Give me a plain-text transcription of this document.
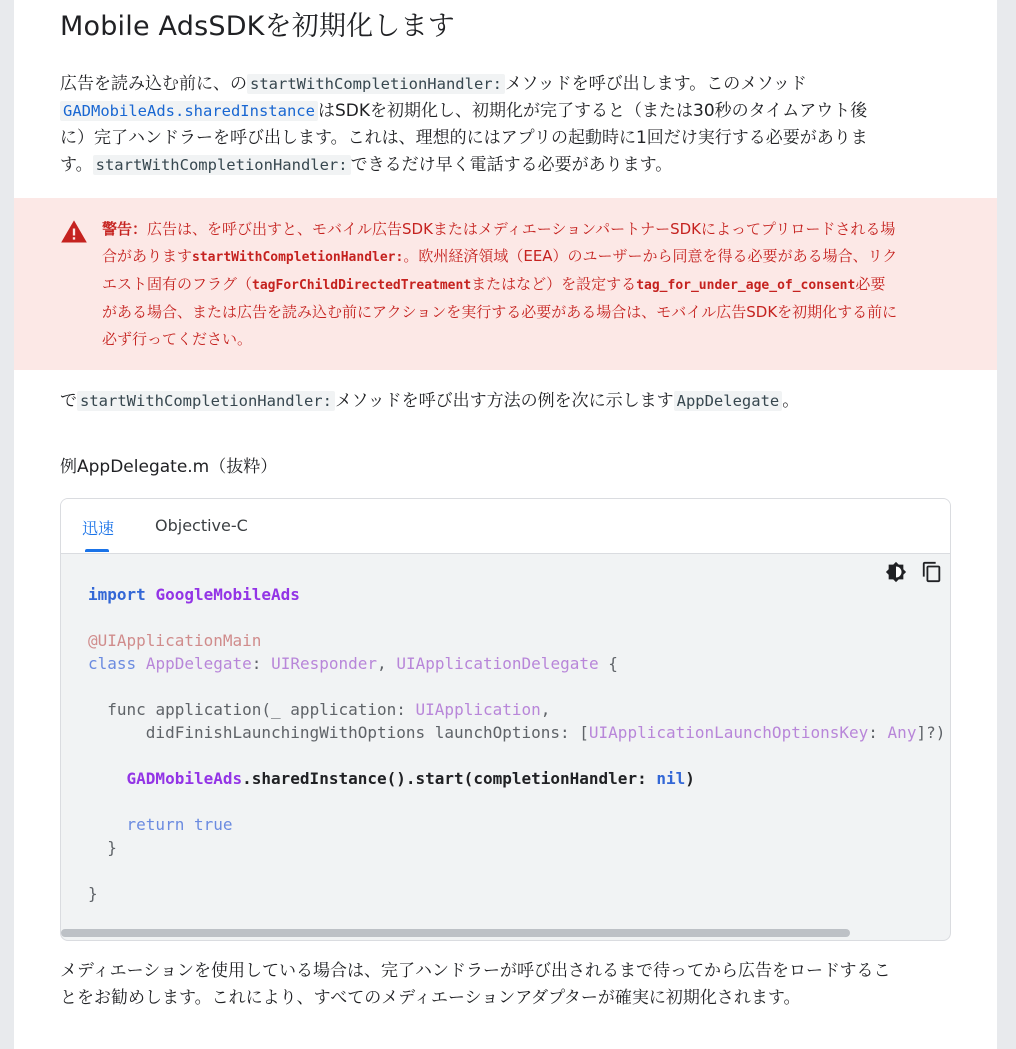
Mobile AdsSDKを初期化します

広告を読み込む前に、の startWithCompletionHandler: メソッドを呼び出します。このメソッド
GADMobileAds.sharedInstance はSDKを初期化し、初期化が完了すると（または30秒のタイムアウト後
に）完了ハンドラーを呼び出します。これは、理想的にはアプリの起動時に1回だけ実行する必要がありま
す。 startWithCompletionHandler: できるだけ早く電話する必要があります。

警告：広告は、を呼び出すと、モバイル広告SDKまたはメディエーションパートナーSDKによってプリロードされる場
合がありますstartWithCompletionHandler:。欧州経済領域（EEA）のユーザーから同意を得る必要がある場合、リク
エスト固有のフラグ（tagForChildDirectedTreatmentまたはなど）を設定するtag_for_under_age_of_consent必要
がある場合、または広告を読み込む前にアクションを実行する必要がある場合は、モバイル広告SDKを初期化する前に
必ず行ってください。

で startWithCompletionHandler: メソッドを呼び出す方法の例を次に示します AppDelegate 。

例AppDelegate.m（抜粋）
迅速	Objective-C
import GoogleMobileAds

@UIApplicationMain
class AppDelegate: UIResponder, UIApplicationDelegate {

func application(_ application: UIApplication,
didFinishLaunchingWithOptions launchOptions: [UIApplicationLaunchOptionsKey: Any]?)

GADMobileAds.sharedInstance().start(completionHandler: nil)

return true
}

}

メディエーションを使用している場合は、完了ハンドラーが呼び出されるまで待ってから広告をロードするこ
とをお勧めします。これにより、すべてのメディエーションアダプターが確実に初期化されます。
